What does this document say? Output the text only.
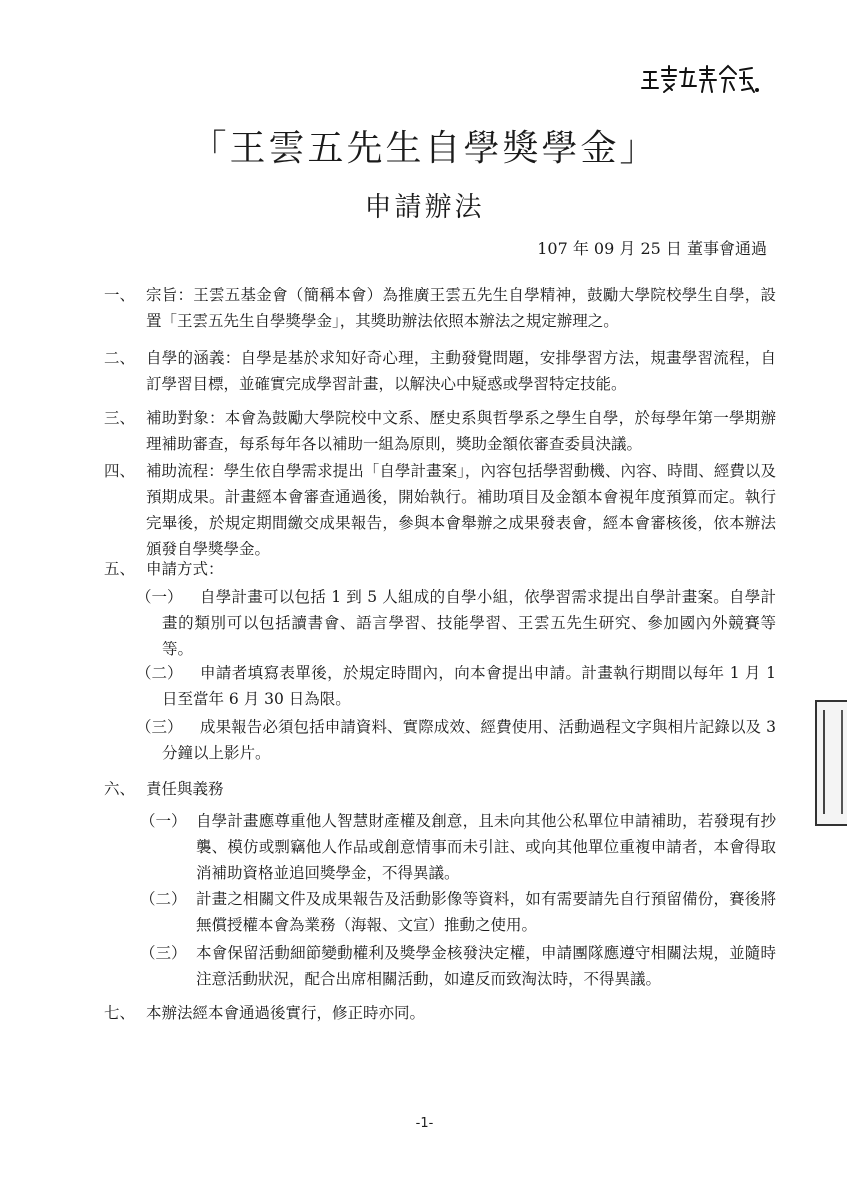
「王雲五先生自學獎學金」
申請辦法
107 年 09 月 25 日 董事會通過
一、 宗旨：王雲五基金會（簡稱本會）為推廣王雲五先生自學精神，鼓勵大學院校學生自學，設置「王雲五先生自學獎學金」，其獎助辦法依照本辦法之規定辦理之。
二、 自學的涵義：自學是基於求知好奇心理，主動發覺問題，安排學習方法，規畫學習流程，自訂學習目標，並確實完成學習計畫，以解決心中疑惑或學習特定技能。
三、 補助對象：本會為鼓勵大學院校中文系、歷史系與哲學系之學生自學，於每學年第一學期辦理補助審查，每系每年各以補助一組為原則，獎助金額依審查委員決議。
四、 補助流程：學生依自學需求提出「自學計畫案」，內容包括學習動機、內容、時間、經費以及預期成果。計畫經本會審查通過後，開始執行。補助項目及金額本會視年度預算而定。執行完畢後，於規定期間繳交成果報告，參與本會舉辦之成果發表會，經本會審核後，依本辦法頒發自學獎學金。
五、 申請方式：
（一）	自學計畫可以包括 1 到 5 人組成的自學小組，依學習需求提出自學計畫案。自學計畫的類別可以包括讀書會、語言學習、技能學習、王雲五先生研究、參加國內外競賽等等。
（二）	申請者填寫表單後，於規定時間內，向本會提出申請。計畫執行期間以每年 1 月 1 日至當年 6 月 30 日為限。
（三）	成果報告必須包括申請資料、實際成效、經費使用、活動過程文字與相片記錄以及 3 分鐘以上影片。
六、 責任與義務
（一） 自學計畫應尊重他人智慧財產權及創意，且未向其他公私單位申請補助，若發現有抄襲、模仿或剽竊他人作品或創意情事而未引註、或向其他單位重複申請者，本會得取消補助資格並追回獎學金，不得異議。
（二） 計畫之相關文件及成果報告及活動影像等資料，如有需要請先自行預留備份，賽後將無償授權本會為業務（海報、文宣）推動之使用。
（三） 本會保留活動細節變動權利及獎學金核發決定權，申請團隊應遵守相關法規，並隨時注意活動狀況，配合出席相關活動，如違反而致淘汰時，不得異議。
七、 本辦法經本會通過後實行，修正時亦同。
-1-
